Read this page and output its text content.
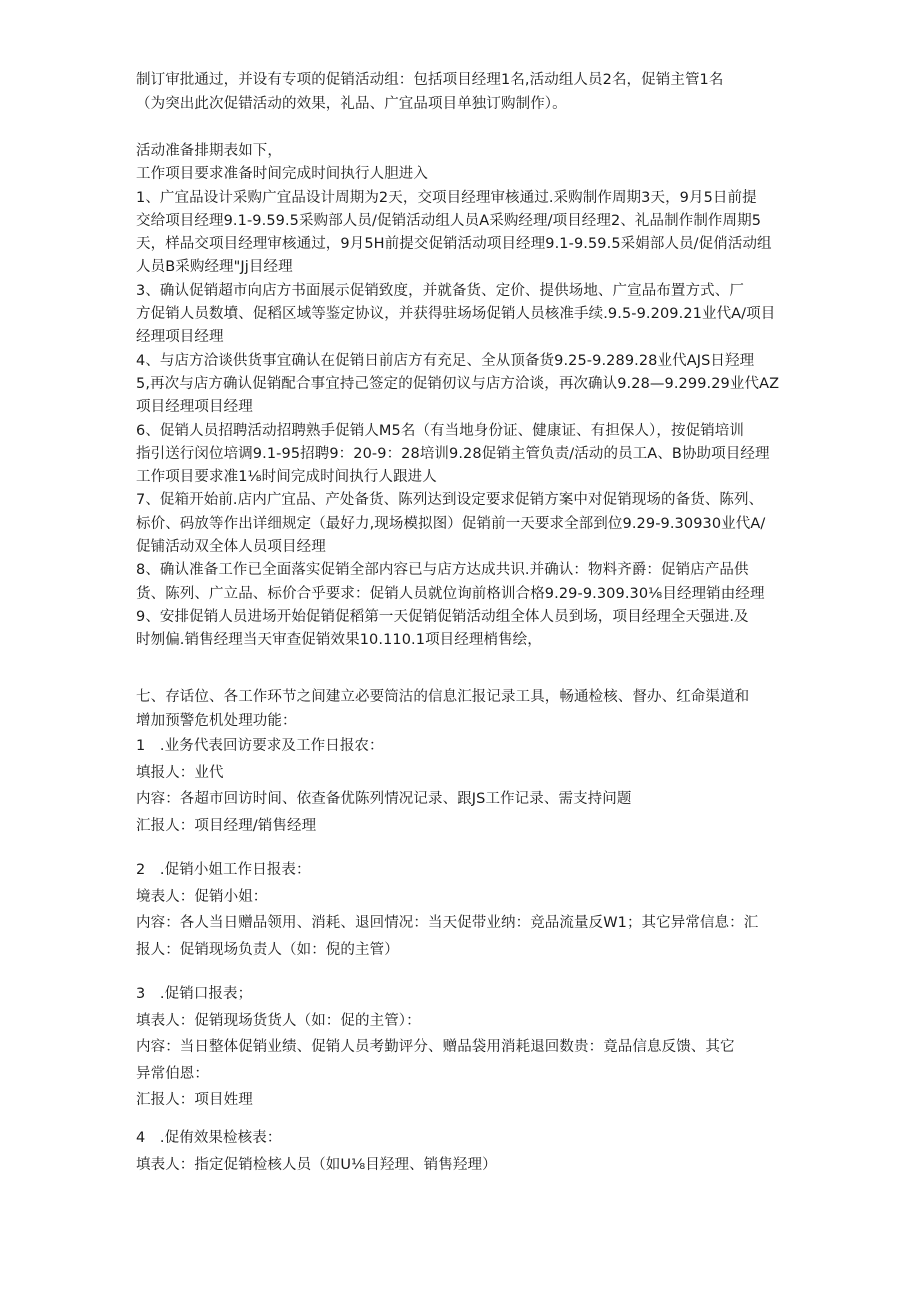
制订审批通过，并设有专项的促销活动组：包括项目经理1名,活动组人员2名，促销主管1名

（为突出此次促错活动的效果，礼品、广宜品项目单独订购制作）。

活动准备排期表如下，

工作项目要求准备时间完成时间执行人胆进入

1、广宜品设计采购广宜品设计周期为2天，交项目经理审核通过.采购制作周期3天，9月5日前提

交给项目经理9.1-9.59.5采购部人员/促销活动组人员A采购经理/项目经理2、礼品制作制作周期5

天，样品交项目经理审核通过，9月5H前提交促销活动项目经理9.1-9.59.5采娟部人员/促俏活动组

人员B采购经理"Jj目经理

3、确认促销超市向店方书面展示促销致度，并就备货、定价、提供场地、广宣品布置方式、厂

方促销人员数墳、促稻区域等鉴定协议，并获得驻场场促销人员核准手续.9.5-9.209.21业代A/项目

经理项目经理

4、与店方洽谈供货事宜确认在促销日前店方有充足、全从顶备货9.25-9.289.28业代AJS日羟理

5,再次与店方确认促销配合事宜持己签定的促销仞议与店方洽谈，再次确认9.28—9.299.29业代AZ

项目经理项目经理

6、促销人员招聘活动招聘熟手促销人M5名（有当地身份证、健康证、有担保人），按促销培训

指引送行闵位培调9.1-95招聘9：20-9：28培训9.28促销主管负责/活动的员工A、B协助项目经理

工作项目要求准1⅛时间完成时间执行人跟进人

7、促箱开始前.店内广宜品、产处备货、陈列达到设定要求促销方案中对促销现场的备货、陈列、

标价、码放等作出详细规定（最好力,现场模拟图）促销前一天要求全部到位9.29-9.30930业代A/

促铺活动双全体人员项目经理

8、确认准备工作已全面落实促销全部内容已与店方达成共识.并确认：物料齐爵：促销店产品供

货、陈列、广立品、标价合乎要求：促销人员就位询前格训合格9.29-9.309.30⅛目经理销由经理

9、安排促销人员进场开始促销促稻第一天促销促销活动组全体人员到场，项目经理全天强进.及

时刎偏.销售经理当天审查促销效果10.110.1项目经理梢售绘，

七、存话位、各工作环节之间建立必要筒沽的信息汇报记录工具，畅通检核、督办、红命渠道和

增加预警危机处理功能：

1　.业务代表回访要求及工作日报农：

填报人：业代

内容：各超市回访时间、依查备优陈列情况记录、跟JS工作记录、需支持问题

汇报人：项目经理/销售经理

2　.促销小姐工作日报表：

境表人：促销小姐：

内容：各人当日赠品领用、消耗、退回情况：当天促带业纳：竞品流量反W1；其它异常信息：汇

报人：促销现场负责人（如：倪的主管）

3　.促销口报表；

填表人：促销现场货货人（如：促的主管）：

内容：当日整体促销业绩、促销人员考勤评分、赠品袋用消耗退回数贵：竟品信息反馈、其它

异常伯恩：

汇报人：项目姓理

4　.促侑效果检核表：

填表人：指定促销检核人员（如U⅛目羟理、销售羟理）
